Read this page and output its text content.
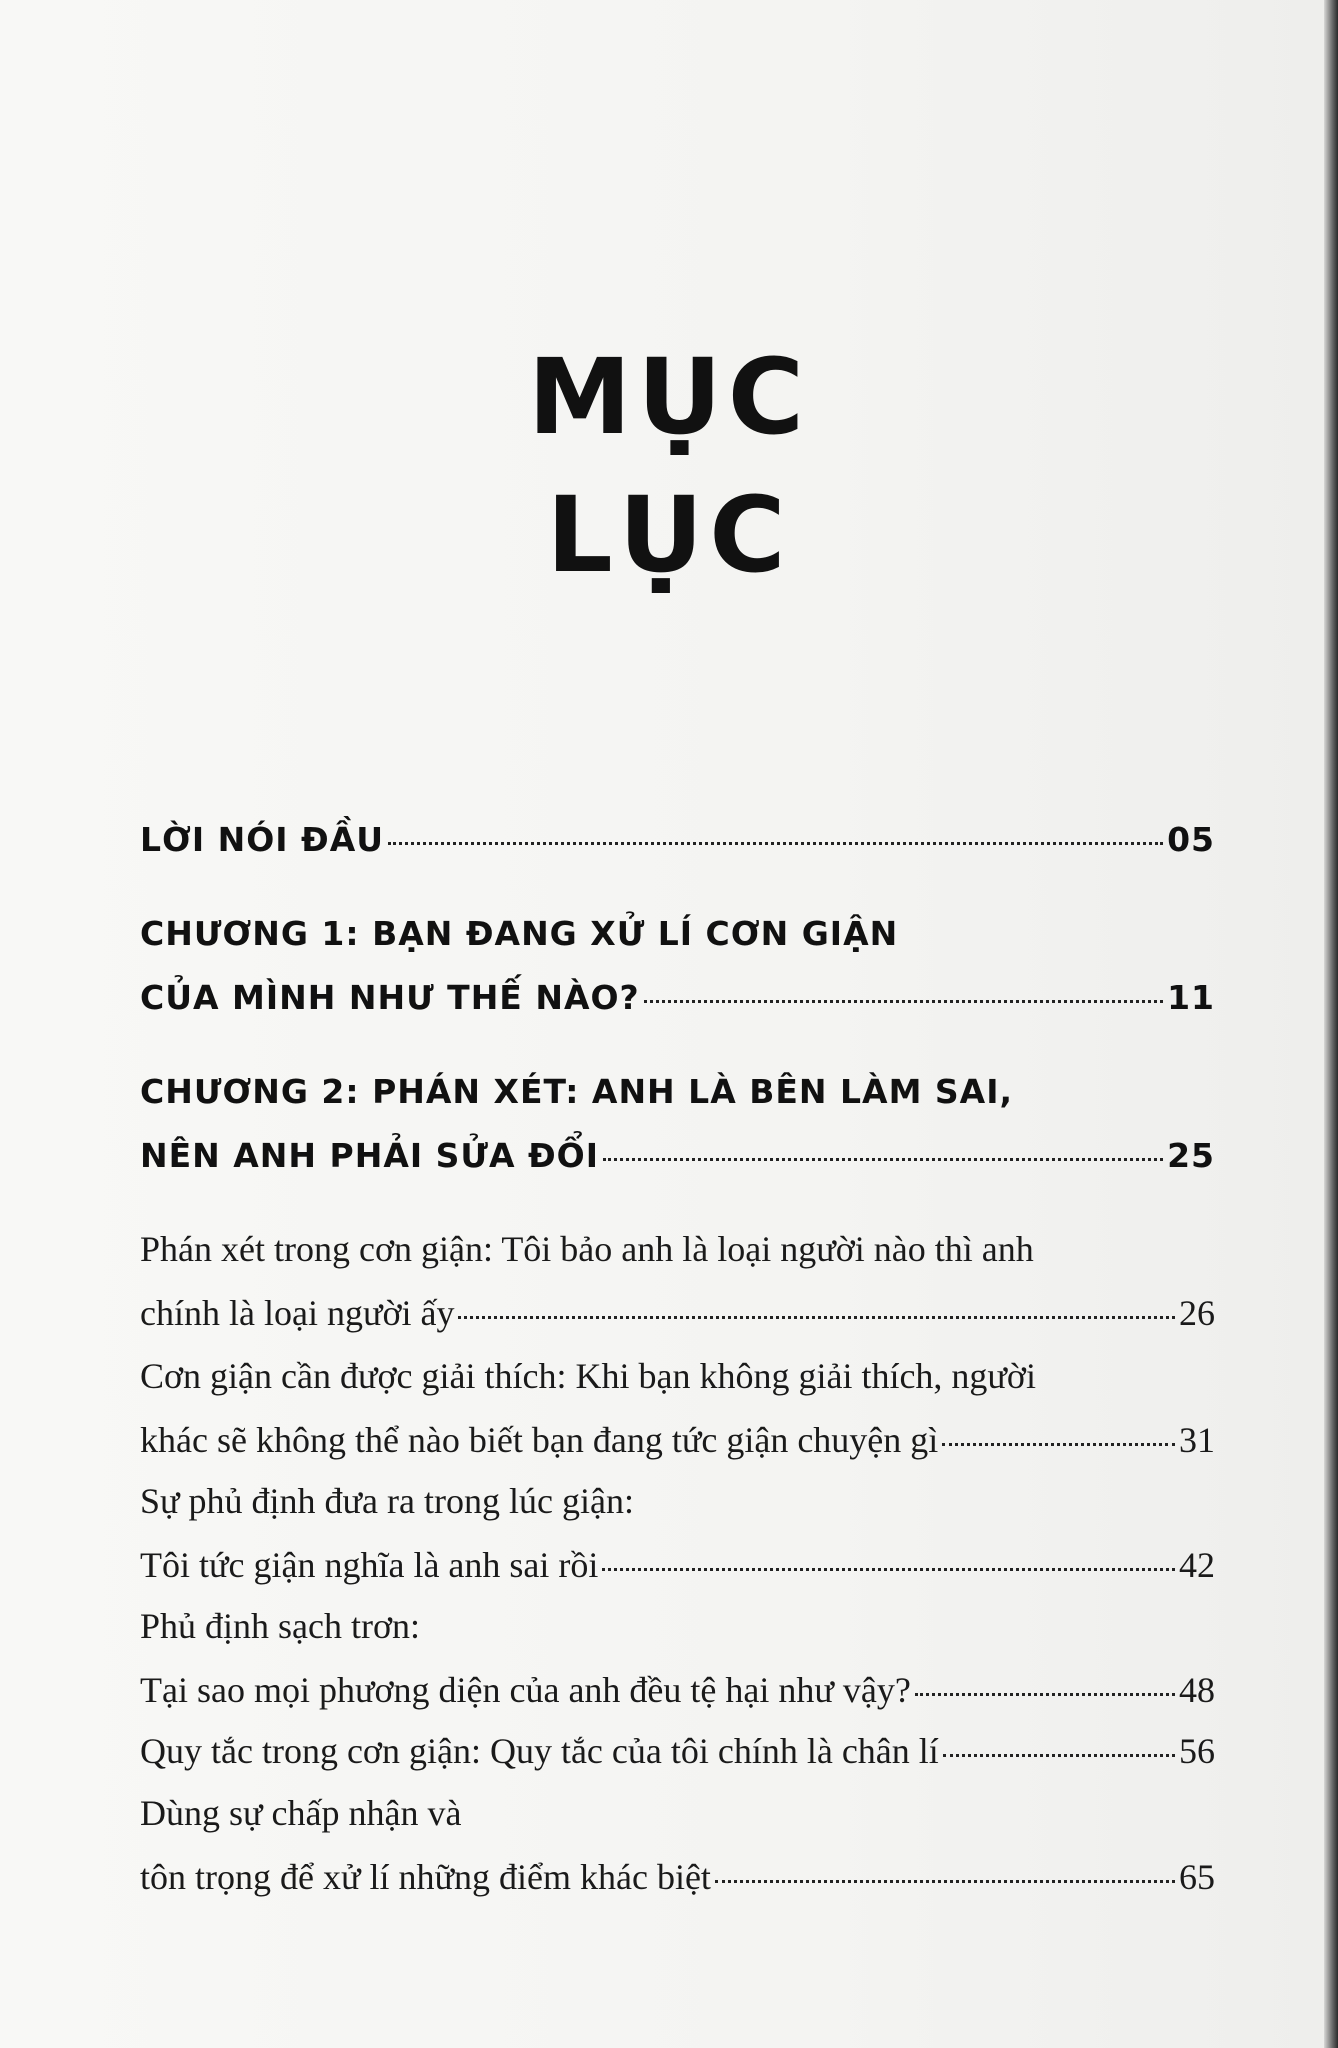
MỤC
LỤC
LỜI NÓI ĐẦU	05
CHƯƠNG 1: BẠN ĐANG XỬ LÍ CƠN GIẬN
CỦA MÌNH NHƯ THẾ NÀO?	11
CHƯƠNG 2: PHÁN XÉT: ANH LÀ BÊN LÀM SAI,
NÊN ANH PHẢI SỬA ĐỔI	25
Phán xét trong cơn giận: Tôi bảo anh là loại người nào thì anh
chính là loại người ấy	26
Cơn giận cần được giải thích: Khi bạn không giải thích, người
khác sẽ không thể nào biết bạn đang tức giận chuyện gì	31
Sự phủ định đưa ra trong lúc giận:
Tôi tức giận nghĩa là anh sai rồi	42
Phủ định sạch trơn:
Tại sao mọi phương diện của anh đều tệ hại như vậy?	48
Quy tắc trong cơn giận: Quy tắc của tôi chính là chân lí	56
Dùng sự chấp nhận và
tôn trọng để xử lí những điểm khác biệt	65
